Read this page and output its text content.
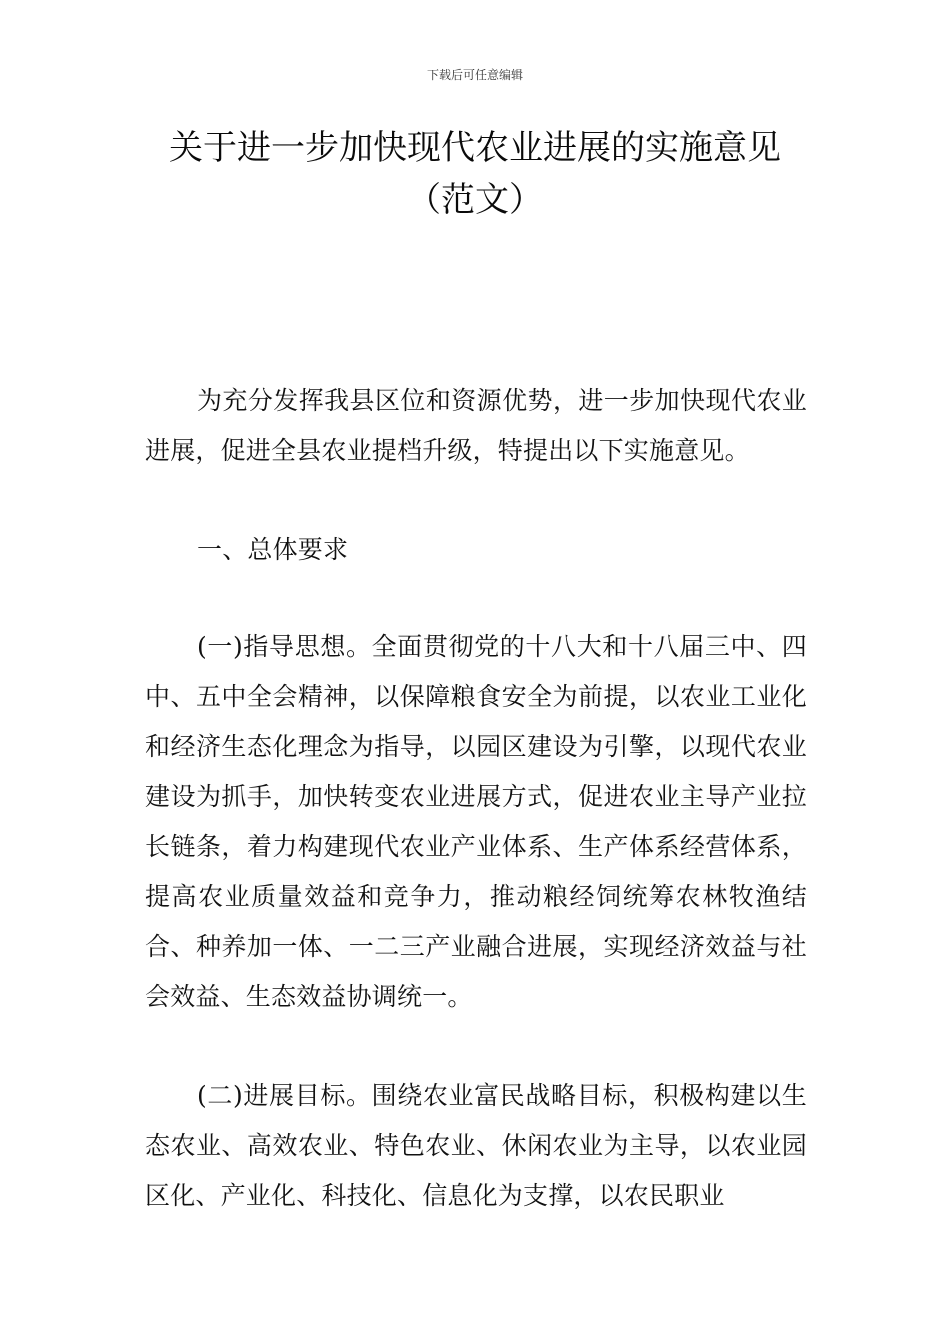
下载后可任意编辑
关于进一步加快现代农业进展的实施意见
（范文）

为充分发挥我县区位和资源优势，进一步加快现代农业进展，促进全县农业提档升级，特提出以下实施意见。

一、总体要求

(一)指导思想。全面贯彻党的十八大和十八届三中、四中、五中全会精神，以保障粮食安全为前提，以农业工业化和经济生态化理念为指导，以园区建设为引擎，以现代农业建设为抓手，加快转变农业进展方式，促进农业主导产业拉长链条，着力构建现代农业产业体系、生产体系经营体系，提高农业质量效益和竞争力，推动粮经饲统筹农林牧渔结合、种养加一体、一二三产业融合进展，实现经济效益与社会效益、生态效益协调统一。

(二)进展目标。围绕农业富民战略目标，积极构建以生态农业、高效农业、特色农业、休闲农业为主导，以农业园区化、产业化、科技化、信息化为支撑，以农民职业
